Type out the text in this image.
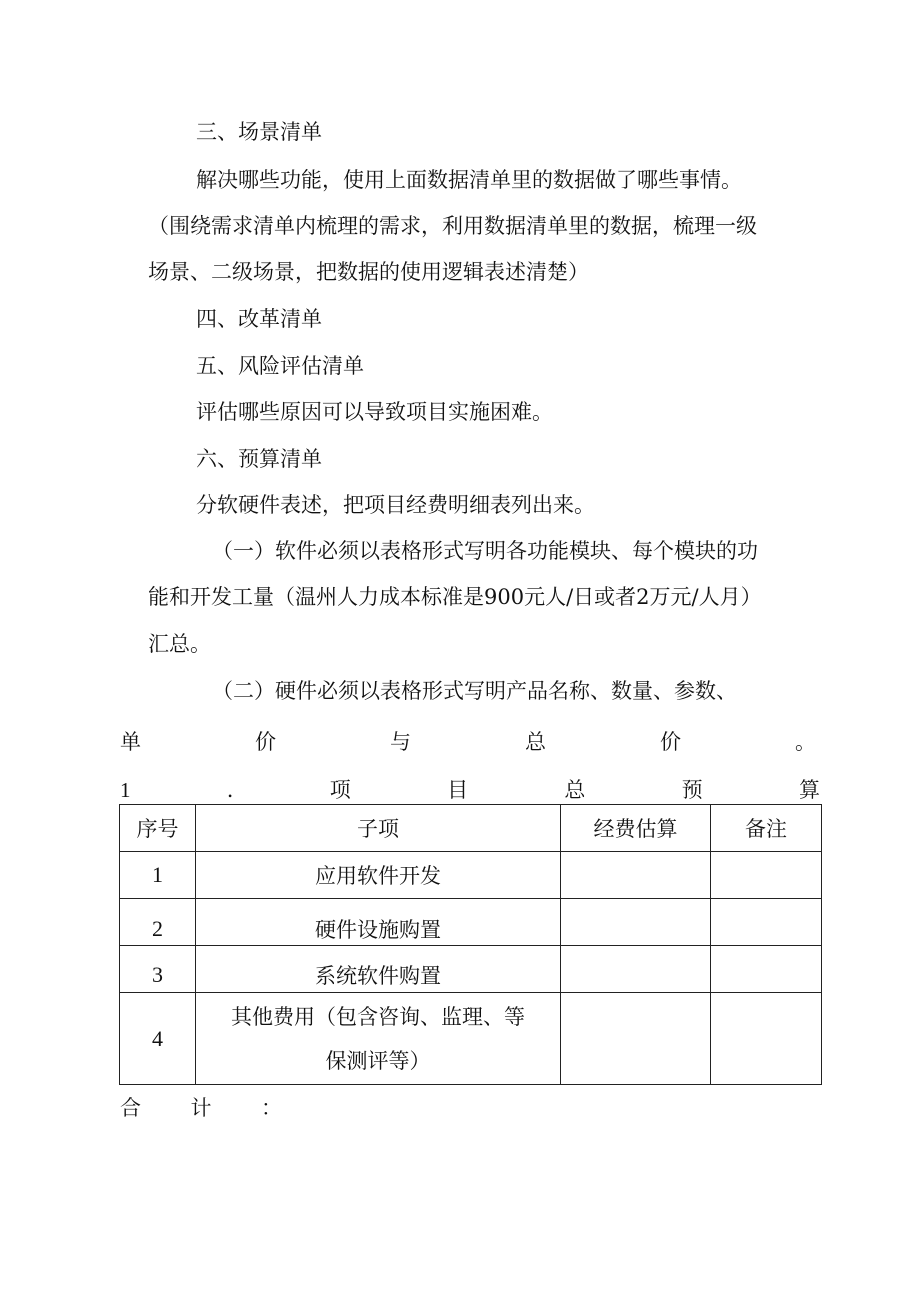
三、场景清单
解决哪些功能，使用上面数据清单里的数据做了哪些事情。
（围绕需求清单内梳理的需求，利用数据清单里的数据，梳理一级
场景、二级场景，把数据的使用逻辑表述清楚）
四、改革清单
五、风险评估清单
评估哪些原因可以导致项目实施困难。
六、预算清单
分软硬件表述，把项目经费明细表列出来。
（一）软件必须以表格形式写明各功能模块、每个模块的功
能和开发工量（温州人力成本标准是900元人/日或者2万元/人月）
汇总。
（二）硬件必须以表格形式写明产品名称、数量、参数、
单	价	与	总	价	。
1	.	项	目	总	预	算
序号	子项	经费估算	备注
1	应用软件开发		
2	硬件设施购置		
3	系统软件购置		
4	其他费用（包含咨询、监理、等
保测评等）		

合 计 ：
